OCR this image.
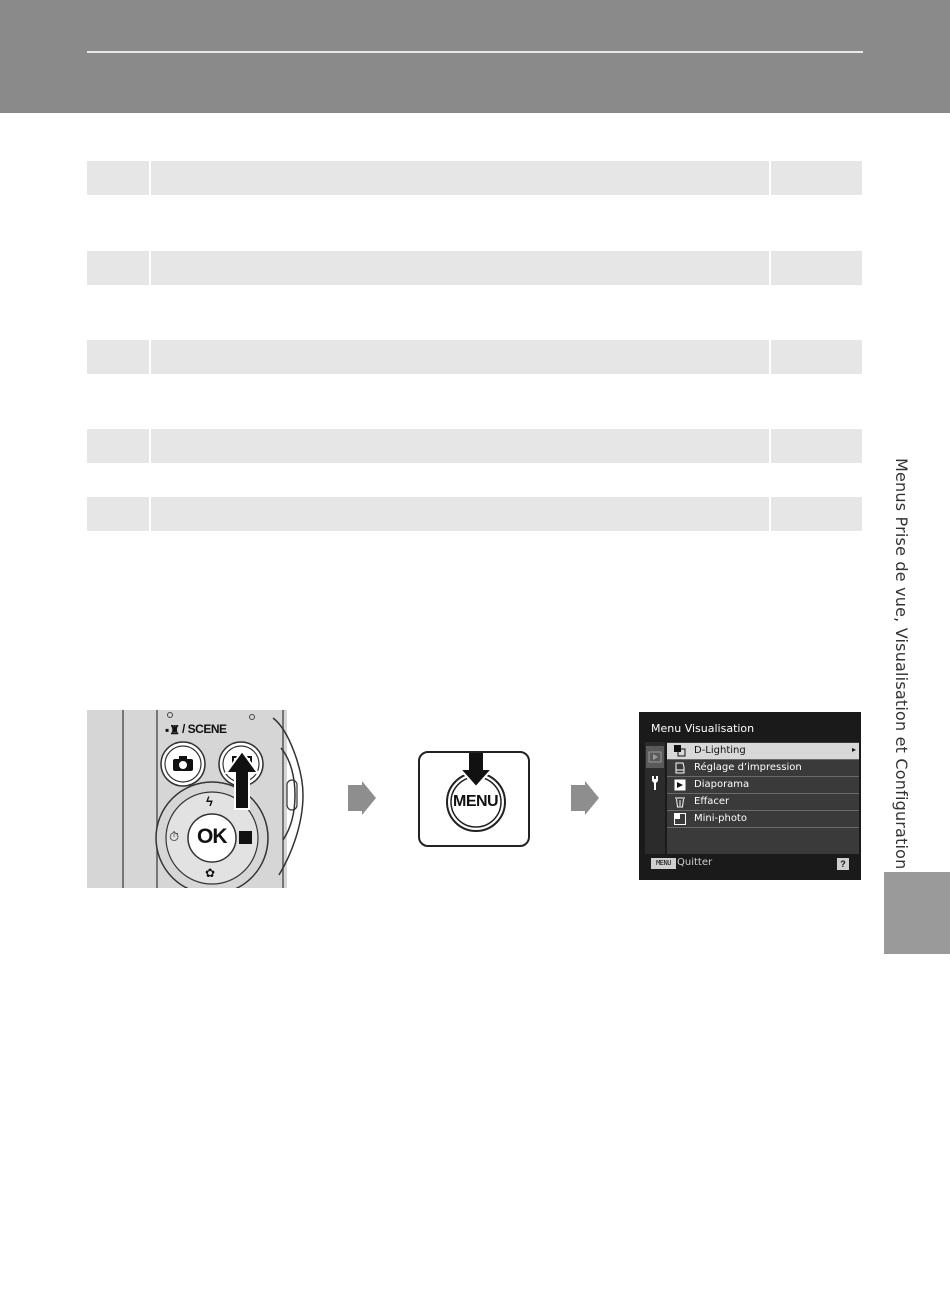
Menus Prise de vue, Visualisation et Configuration
▪♜ / SCENE
ϟ
⏱
✿
OK
MENU
Menu Visualisation
D-Lighting	▸
Réglage d’impression
Diaporama
Effacer
Mini-photo
MENU Quitter	?
